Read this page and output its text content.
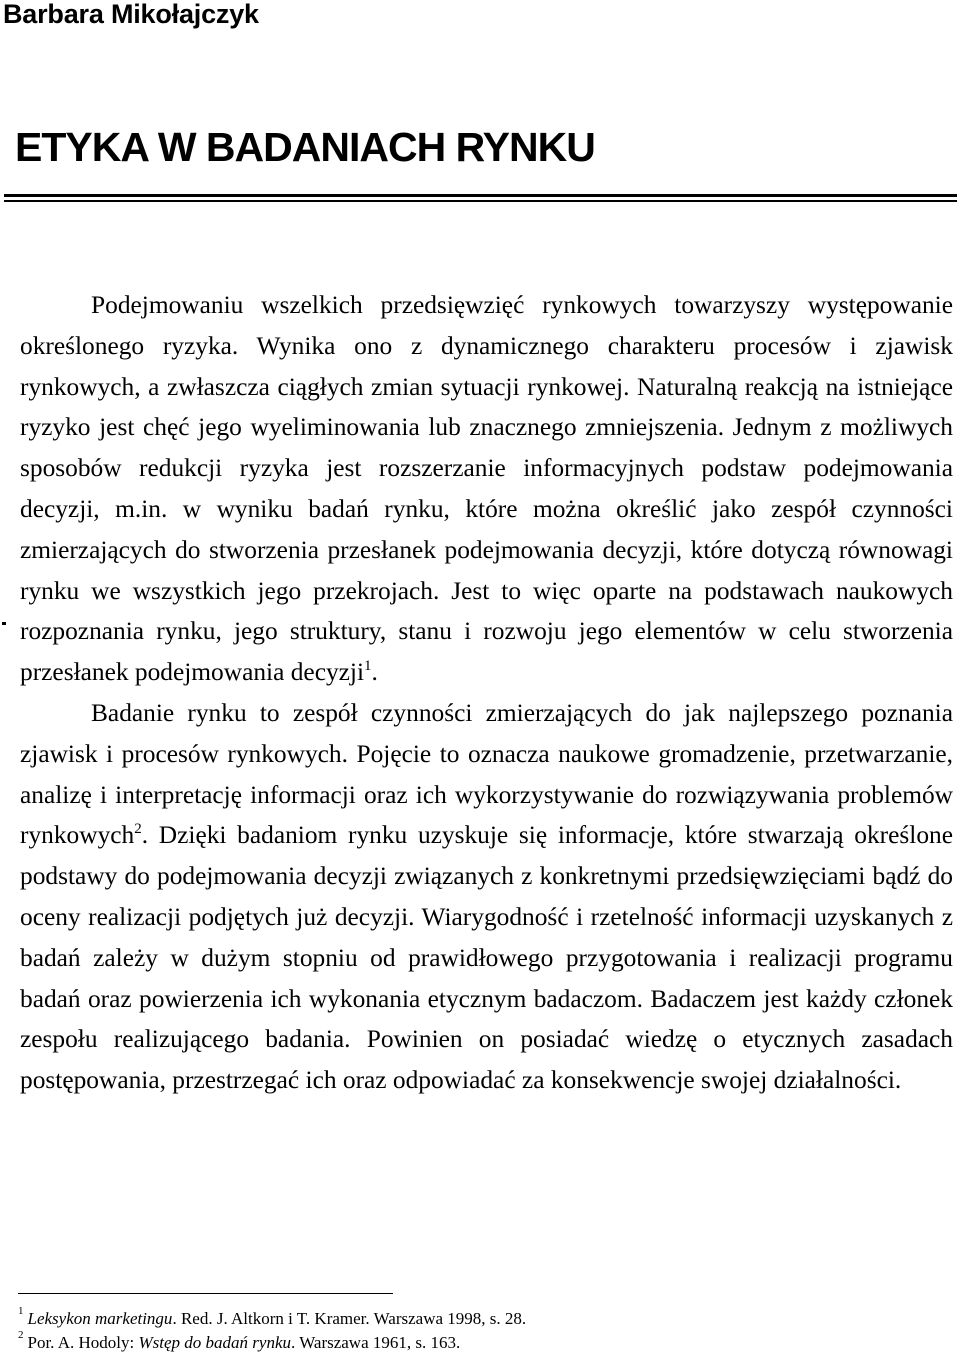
Barbara Mikołajczyk
ETYKA W BADANIACH RYNKU

Podejmowaniu wszelkich przedsięwzięć rynkowych towarzyszy występowanie określonego ryzyka. Wynika ono z dynamicznego charakteru procesów i zjawisk rynkowych, a zwłaszcza ciągłych zmian sytuacji rynkowej. Naturalną reakcją na istniejące ryzyko jest chęć jego wyeliminowania lub znacznego zmniejszenia. Jednym z możliwych sposobów redukcji ryzyka jest rozszerzanie informacyjnych podstaw podejmowania decyzji, m.in. w wyniku badań rynku, które można określić jako zespół czynności zmierzających do stworzenia przesłanek podejmowania decyzji, które dotyczą równowagi rynku we wszystkich jego przekrojach. Jest to więc oparte na podstawach naukowych rozpoznania rynku, jego struktury, stanu i rozwoju jego elementów w celu stworzenia przesłanek podejmowania decyzji$^1$.

Badanie rynku to zespół czynności zmierzających do jak najlepszego poznania zjawisk i procesów rynkowych. Pojęcie to oznacza naukowe gromadzenie, przetwarzanie, analizę i interpretację informacji oraz ich wykorzystywanie do rozwiązywania problemów rynkowych$^2$. Dzięki badaniom rynku uzyskuje się informacje, które stwarzają określone podstawy do podejmowania decyzji związanych z konkretnymi przedsięwzięciami bądź do oceny realizacji podjętych już decyzji. Wiarygodność i rzetelność informacji uzyskanych z badań zależy w dużym stopniu od prawidłowego przygotowania i realizacji programu badań oraz powierzenia ich wykonania etycznym badaczom. Badaczem jest każdy członek zespołu realizującego badania. Powinien on posiadać wiedzę o etycznych zasadach postępowania, przestrzegać ich oraz odpowiadać za konsekwencje swojej działalności.

$^1$ Leksykon marketingu. Red. J. Altkorn i T. Kramer. Warszawa 1998, s. 28.

$^2$ Por. A. Hodoly: Wstęp do badań rynku. Warszawa 1961, s. 163.
